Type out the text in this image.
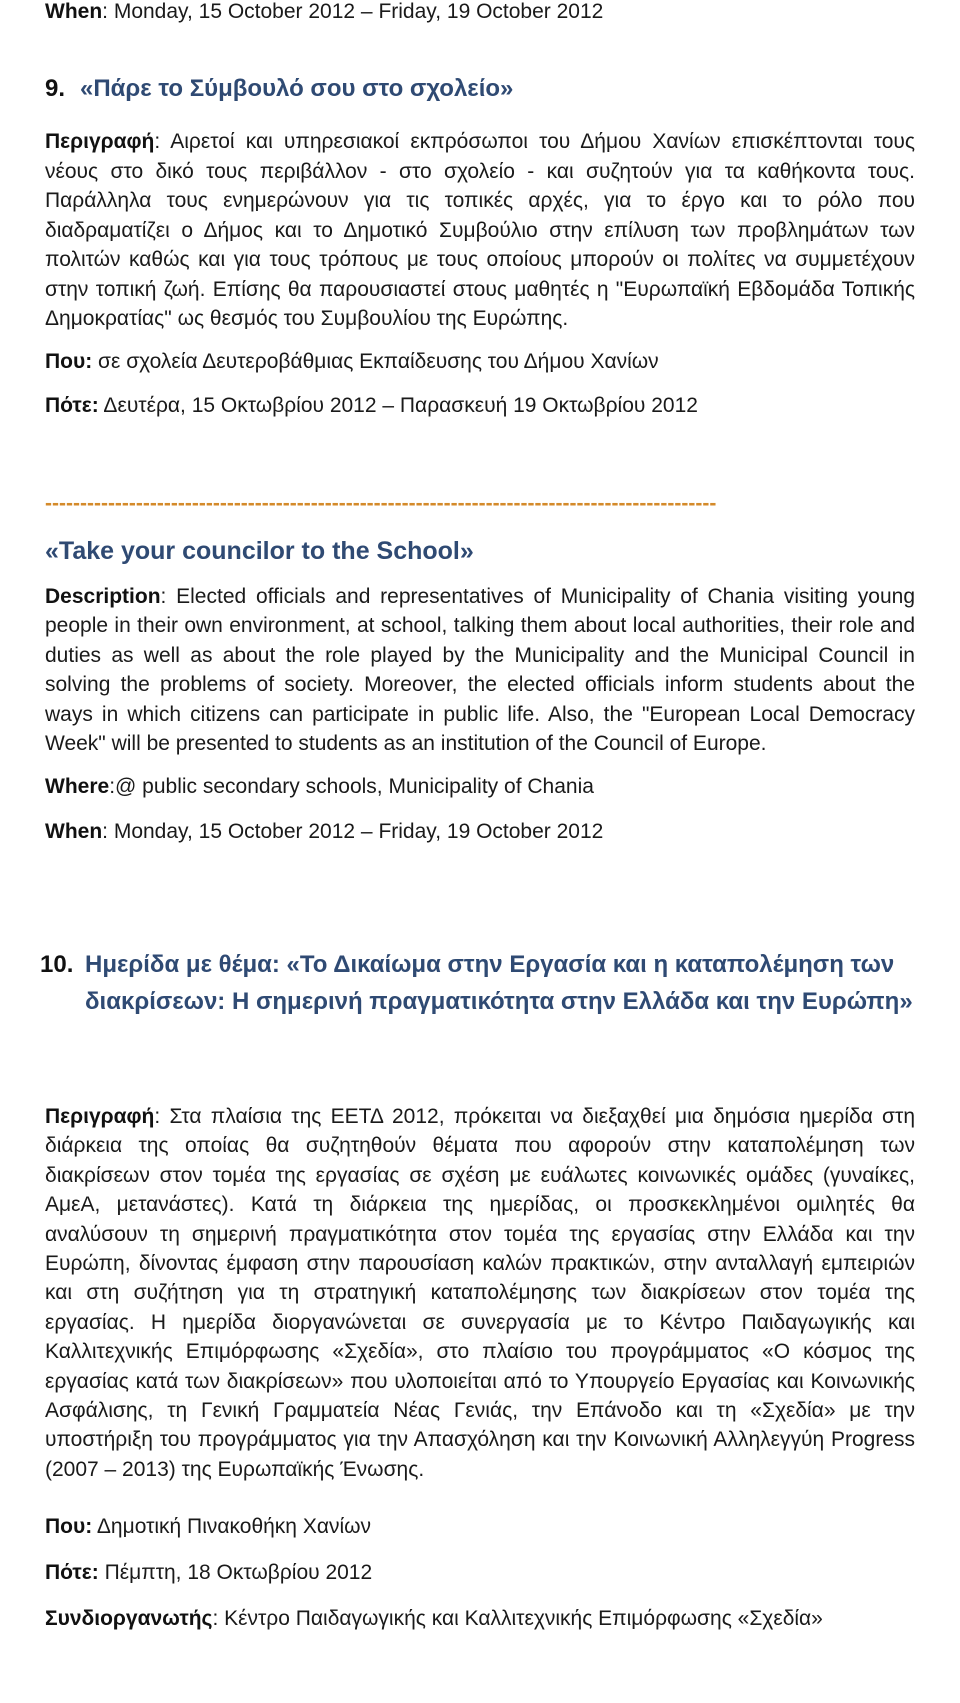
When: Monday, 15 October 2012 – Friday, 19 October 2012

9. «Πάρε το Σύμβουλό σου στο σχολείο»

Περιγραφή: Αιρετοί και υπηρεσιακοί εκπρόσωποι του Δήμου Χανίων επισκέπτονται τους νέους στο δικό τους περιβάλλον - στο σχολείο - και συζητούν για τα καθήκοντα τους. Παράλληλα τους ενημερώνουν για τις τοπικές αρχές, για το έργο και το ρόλο που διαδραματίζει ο Δήμος και το Δημοτικό Συμβούλιο στην επίλυση των προβλημάτων των πολιτών καθώς και για τους τρόπους με τους οποίους μπορούν οι πολίτες να συμμετέχουν στην τοπική ζωή. Επίσης θα παρουσιαστεί στους μαθητές η "Ευρωπαϊκή Εβδομάδα Τοπικής Δημοκρατίας" ως θεσμός του Συμβουλίου της Ευρώπης.

Που: σε σχολεία Δευτεροβάθμιας Εκπαίδευσης του Δήμου Χανίων

Πότε: Δευτέρα, 15 Οκτωβρίου 2012 – Παρασκευή 19 Οκτωβρίου 2012

------------------------------------------------------------------------------------------------
«Take your councilor to the School»

Description: Elected officials and representatives of Municipality of Chania visiting young people in their own environment, at school, talking them about local authorities, their role and duties as well as about the role played by the Municipality and the Municipal Council in solving the problems of society. Moreover, the elected officials inform students about the ways in which citizens can participate in public life. Also, the "European Local Democracy Week" will be presented to students as an institution of the Council of Europe.

Where:@ public secondary schools, Municipality of Chania

When: Monday, 15 October 2012 – Friday, 19 October 2012

10. Ημερίδα με θέμα: «Το Δικαίωμα στην Εργασία και η καταπολέμηση των διακρίσεων: Η σημερινή πραγματικότητα στην Ελλάδα και την Ευρώπη»

Περιγραφή: Στα πλαίσια της ΕΕΤΔ 2012, πρόκειται να διεξαχθεί μια δημόσια ημερίδα στη διάρκεια της οποίας θα συζητηθούν θέματα που αφορούν στην καταπολέμηση των διακρίσεων στον τομέα της εργασίας σε σχέση με ευάλωτες κοινωνικές ομάδες (γυναίκες, ΑμεΑ, μετανάστες). Κατά τη διάρκεια της ημερίδας, οι προσκεκλημένοι ομιλητές θα αναλύσουν τη σημερινή πραγματικότητα στον τομέα της εργασίας στην Ελλάδα και την Ευρώπη, δίνοντας έμφαση στην παρουσίαση καλών πρακτικών, στην ανταλλαγή εμπειριών και στη συζήτηση για τη στρατηγική καταπολέμησης των διακρίσεων στον τομέα της εργασίας. Η ημερίδα διοργανώνεται σε συνεργασία με το Κέντρο Παιδαγωγικής και Καλλιτεχνικής Επιμόρφωσης «Σχεδία», στο πλαίσιο του προγράμματος «Ο κόσμος της εργασίας κατά των διακρίσεων» που υλοποιείται από το Υπουργείο Εργασίας και Κοινωνικής Ασφάλισης, τη Γενική Γραμματεία Νέας Γενιάς, την Επάνοδο και τη «Σχεδία» με την υποστήριξη του προγράμματος για την Απασχόληση και την Κοινωνική Αλληλεγγύη Progress (2007 – 2013) της Ευρωπαϊκής Ένωσης.

Που: Δημοτική Πινακοθήκη Χανίων

Πότε: Πέμπτη, 18 Οκτωβρίου 2012

Συνδιοργανωτής: Κέντρο Παιδαγωγικής και Καλλιτεχνικής Επιμόρφωσης «Σχεδία»
